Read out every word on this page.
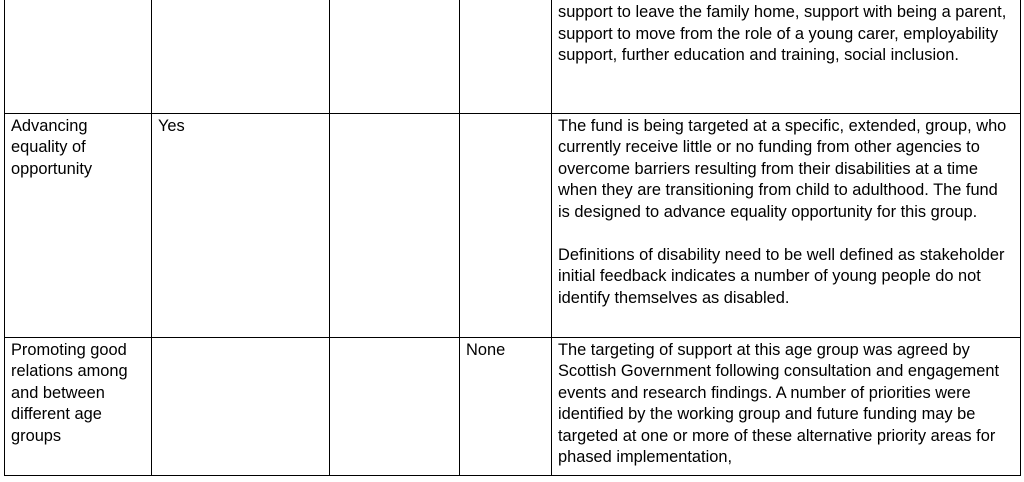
				support to leave the family home, support with being a parent, support to move from the role of a young carer, employability support, further education and training, social inclusion.

Advancing equality of opportunity	Yes			The fund is being targeted at a specific, extended, group, who currently receive little or no funding from other agencies to overcome barriers resulting from their disabilities at a time when they are transitioning from child to adulthood. The fund is designed to advance equality opportunity for this group.

Definitions of disability need to be well defined as stakeholder initial feedback indicates a number of young people do not identify themselves as disabled.

Promoting good relations among and between different age groups			None	The targeting of support at this age group was agreed by Scottish Government following consultation and engagement events and research findings. A number of priorities were identified by the working group and future funding may be targeted at one or more of these alternative priority areas for phased implementation,
